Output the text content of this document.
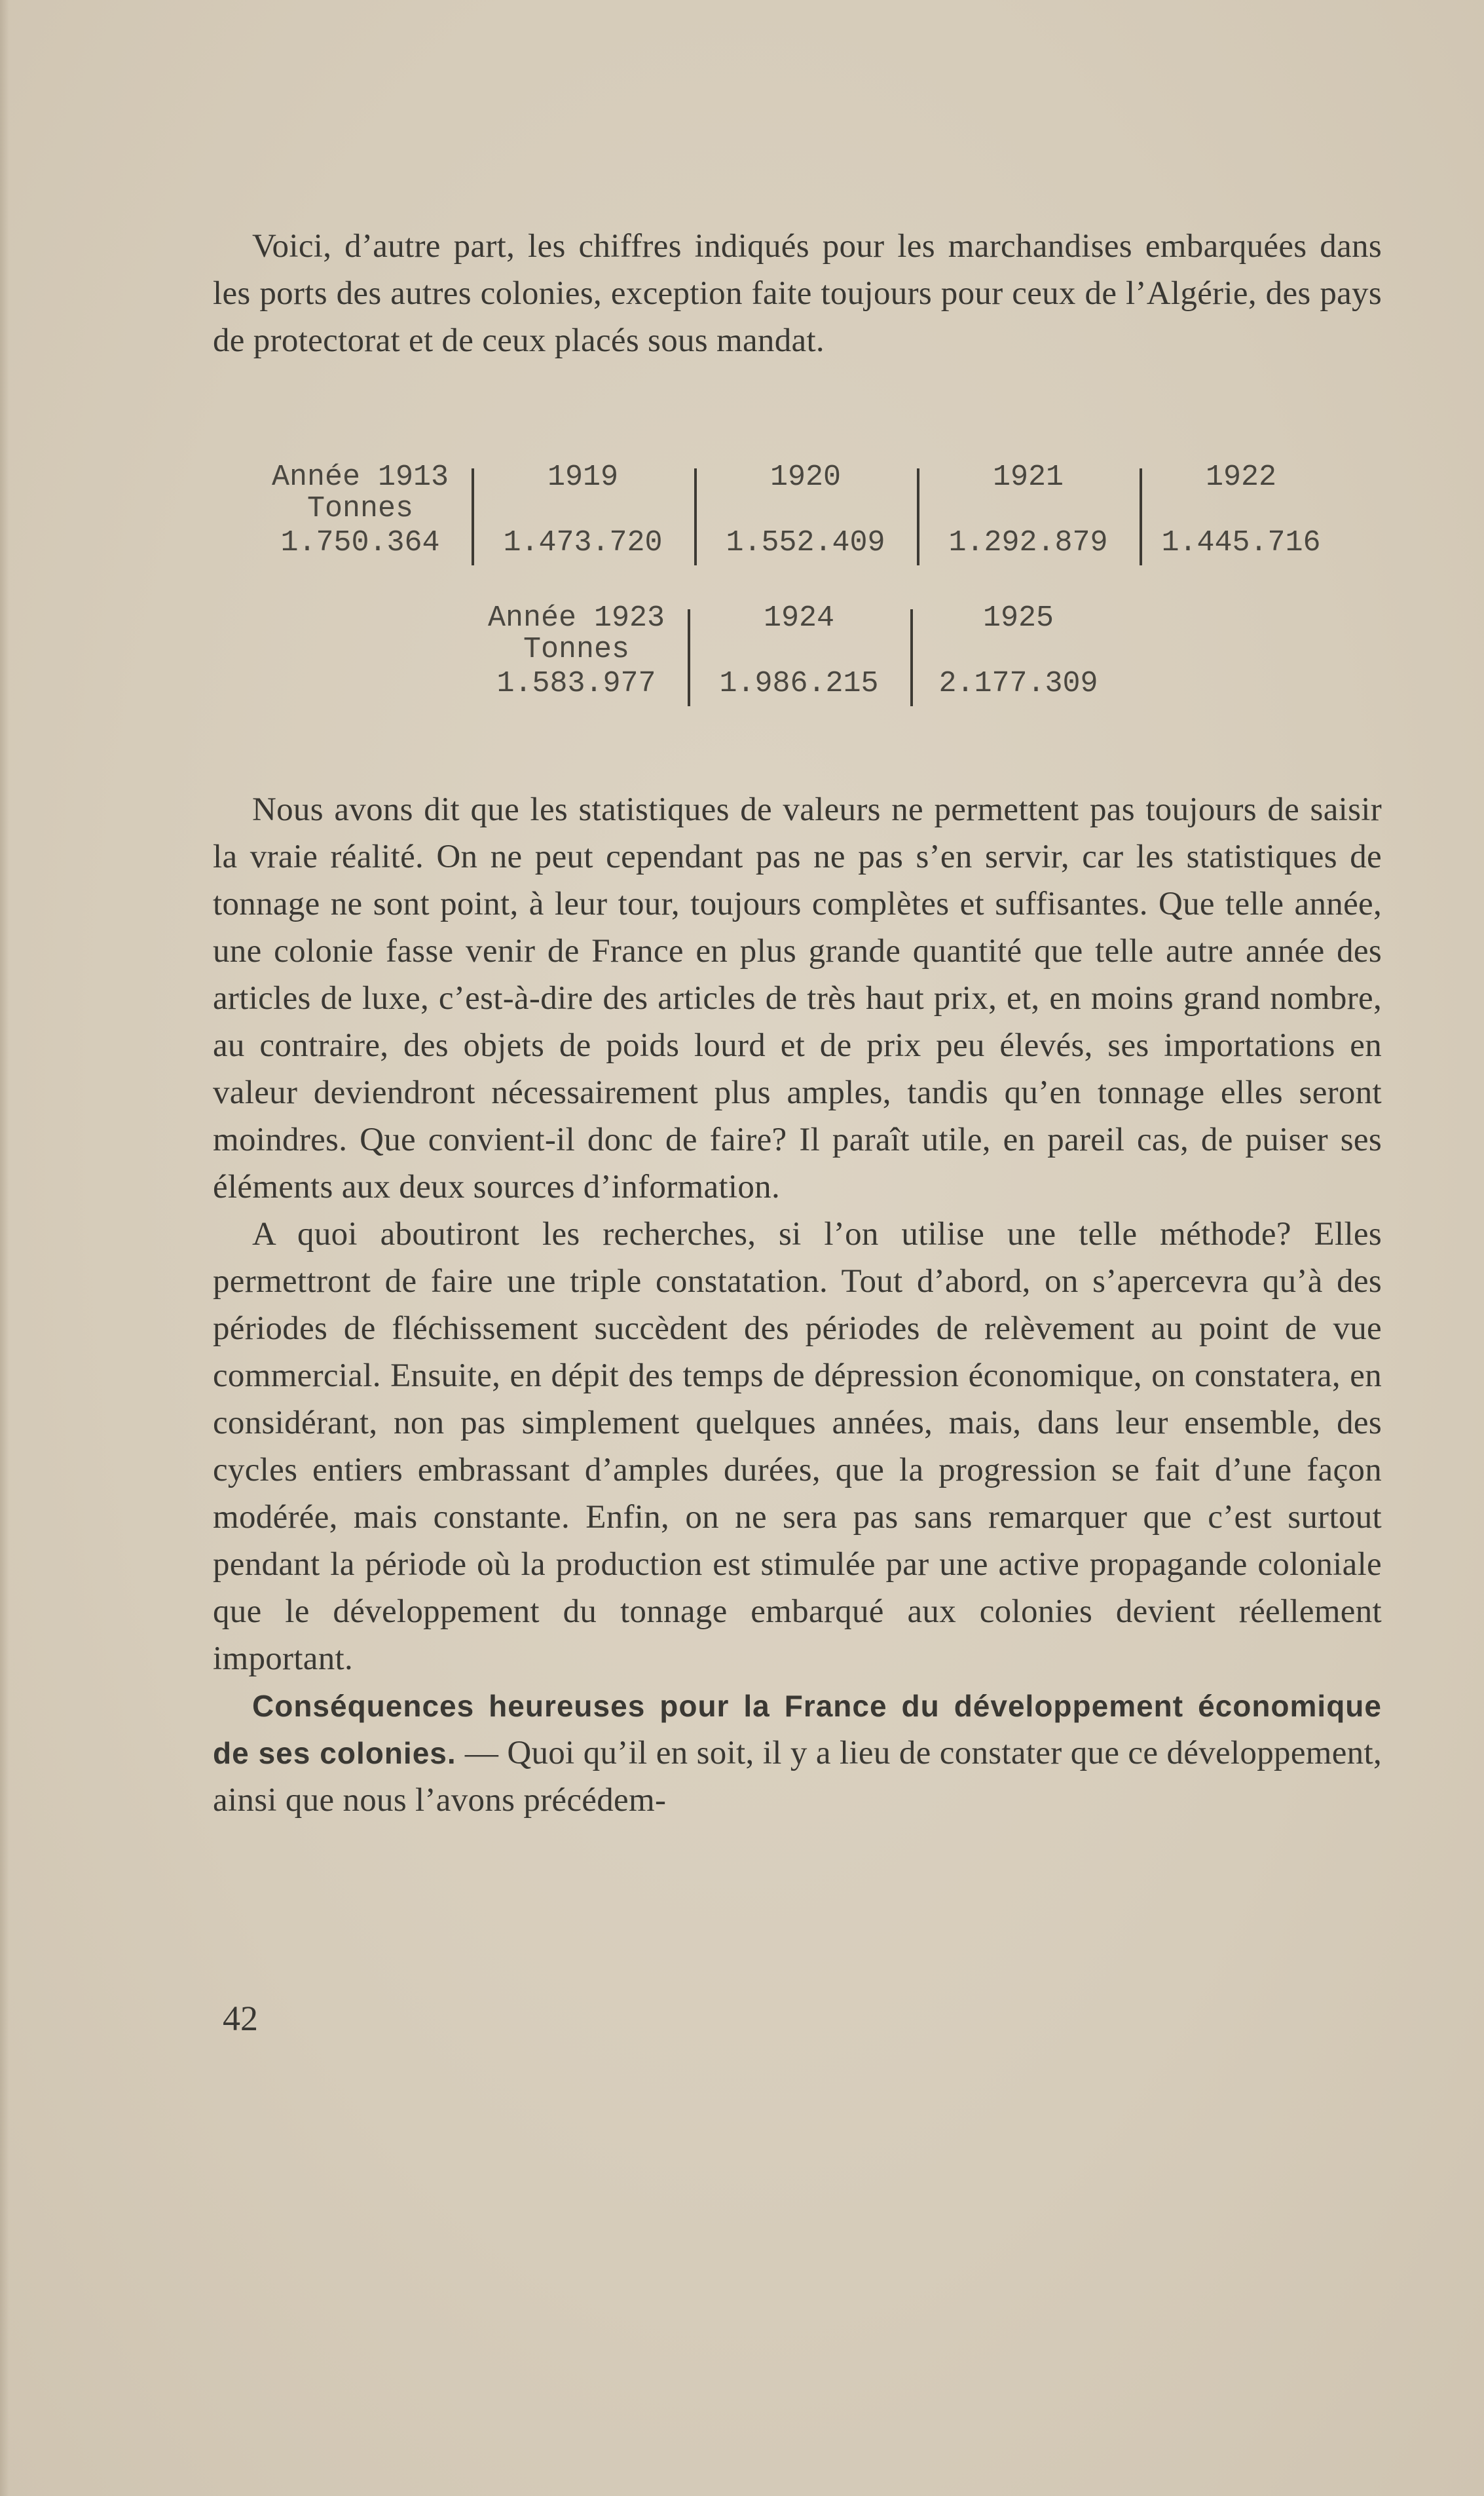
Voici, d’autre part, les chiffres indiqués pour les marchandises embarquées dans les ports des autres colonies, exception faite toujours pour ceux de l’Algérie, des pays de protectorat et de ceux placés sous mandat.

Année 1913
Tonnes
1.750.364
1919
1.473.720
1920
1.552.409
1921
1.292.879
1922
1.445.716
Année 1923
Tonnes
1.583.977
1924
1.986.215
1925
2.177.309

Nous avons dit que les statistiques de valeurs ne permettent pas toujours de saisir la vraie réalité. On ne peut cependant pas ne pas s’en servir, car les statistiques de tonnage ne sont point, à leur tour, toujours complètes et suffisantes. Que telle année, une colonie fasse venir de France en plus grande quantité que telle autre année des articles de luxe, c’est-à-dire des articles de très haut prix, et, en moins grand nombre, au contraire, des objets de poids lourd et de prix peu élevés, ses importations en valeur deviendront nécessairement plus amples, tandis qu’en tonnage elles seront moindres. Que convient-il donc de faire? Il paraît utile, en pareil cas, de puiser ses éléments aux deux sources d’information.

A quoi aboutiront les recherches, si l’on utilise une telle méthode? Elles permettront de faire une triple constatation. Tout d’abord, on s’apercevra qu’à des périodes de fléchissement succèdent des périodes de relèvement au point de vue commercial. Ensuite, en dépit des temps de dépression économique, on constatera, en considérant, non pas simplement quelques années, mais, dans leur ensemble, des cycles entiers embrassant d’amples durées, que la progression se fait d’une façon modérée, mais constante. Enfin, on ne sera pas sans remarquer que c’est surtout pendant la période où la production est stimulée par une active propagande coloniale que le développement du tonnage embarqué aux colonies devient réellement important.

Conséquences heureuses pour la France du développement économique de ses colonies. — Quoi qu’il en soit, il y a lieu de constater que ce développement, ainsi que nous l’avons précédem-

42
